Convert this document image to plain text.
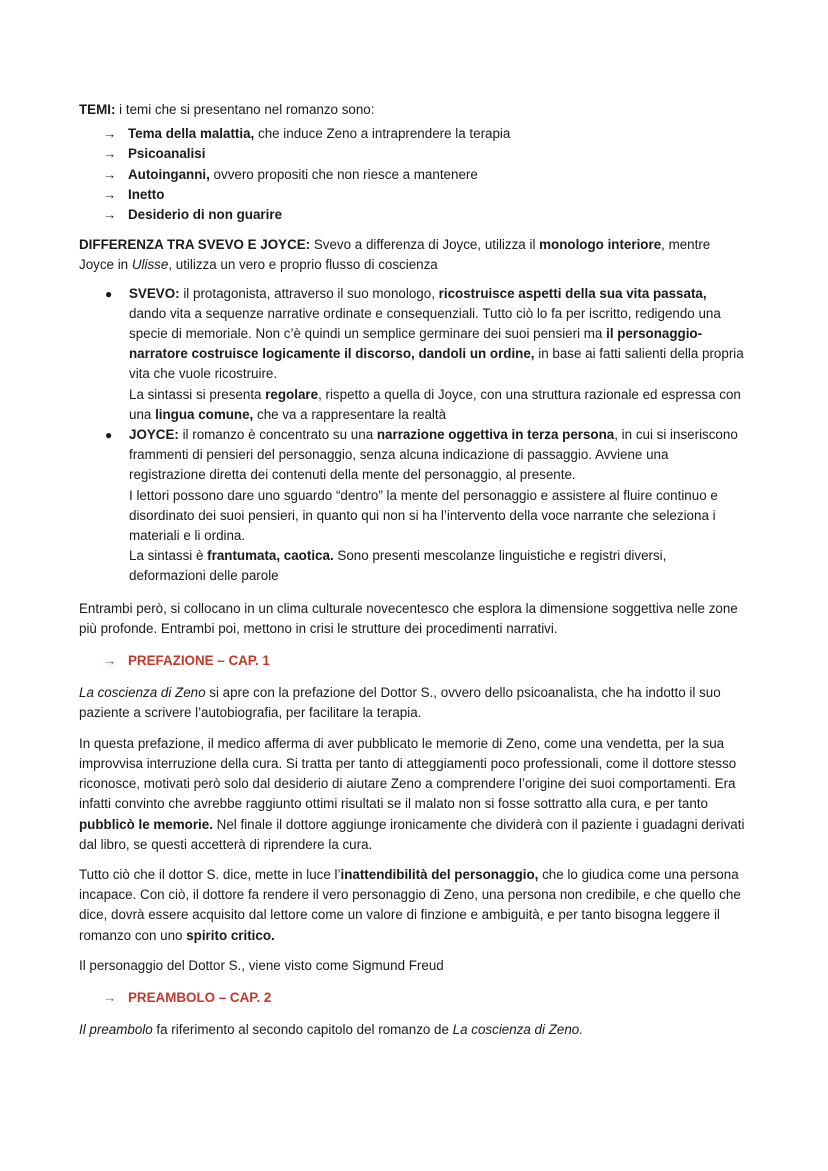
TEMI: i temi che si presentano nel romanzo sono:

→ Tema della malattia, che induce Zeno a intraprendere la terapia
→ Psicoanalisi
→ Autoinganni, ovvero propositi che non riesce a mantenere
→ Inetto
→ Desiderio di non guarire

DIFFERENZA TRA SVEVO E JOYCE: Svevo a differenza di Joyce, utilizza il monologo interiore, mentre Joyce in Ulisse, utilizza un vero e proprio flusso di coscienza

●	SVEVO: il protagonista, attraverso il suo monologo, ricostruisce aspetti della sua vita passata, dando vita a sequenze narrative ordinate e consequenziali. Tutto ciò lo fa per iscritto, redigendo una specie di memoriale. Non c’è quindi un semplice germinare dei suoi pensieri ma il personaggio-narratore costruisce logicamente il discorso, dandoli un ordine, in base ai fatti salienti della propria vita che vuole ricostruire.

La sintassi si presenta regolare, rispetto a quella di Joyce, con una struttura razionale ed espressa con una lingua comune, che va a rappresentare la realtà

●	JOYCE: il romanzo è concentrato su una narrazione oggettiva in terza persona, in cui si inseriscono frammenti di pensieri del personaggio, senza alcuna indicazione di passaggio. Avviene una registrazione diretta dei contenuti della mente del personaggio, al presente.

I lettori possono dare uno sguardo “dentro” la mente del personaggio e assistere al fluire continuo e disordinato dei suoi pensieri, in quanto qui non si ha l’intervento della voce narrante che seleziona i materiali e li ordina.

La sintassi è frantumata, caotica. Sono presenti mescolanze linguistiche e registri diversi, deformazioni delle parole

Entrambi però, si collocano in un clima culturale novecentesco che esplora la dimensione soggettiva nelle zone più profonde. Entrambi poi, mettono in crisi le strutture dei procedimenti narrativi.

→ PREFAZIONE – CAP. 1

La coscienza di Zeno si apre con la prefazione del Dottor S., ovvero dello psicoanalista, che ha indotto il suo paziente a scrivere l’autobiografia, per facilitare la terapia.

In questa prefazione, il medico afferma di aver pubblicato le memorie di Zeno, come una vendetta, per la sua improvvisa interruzione della cura. Si tratta per tanto di atteggiamenti poco professionali, come il dottore stesso riconosce, motivati però solo dal desiderio di aiutare Zeno a comprendere l’origine dei suoi comportamenti. Era infatti convinto che avrebbe raggiunto ottimi risultati se il malato non si fosse sottratto alla cura, e per tanto pubblicò le memorie. Nel finale il dottore aggiunge ironicamente che dividerà con il paziente i guadagni derivati dal libro, se questi accetterà di riprendere la cura.

Tutto ciò che il dottor S. dice, mette in luce l’inattendibilità del personaggio, che lo giudica come una persona incapace. Con ciò, il dottore fa rendere il vero personaggio di Zeno, una persona non credibile, e che quello che dice, dovrà essere acquisito dal lettore come un valore di finzione e ambiguità, e per tanto bisogna leggere il romanzo con uno spirito critico.

Il personaggio del Dottor S., viene visto come Sigmund Freud

→ PREAMBOLO – CAP. 2

Il preambolo fa riferimento al secondo capitolo del romanzo de La coscienza di Zeno.
